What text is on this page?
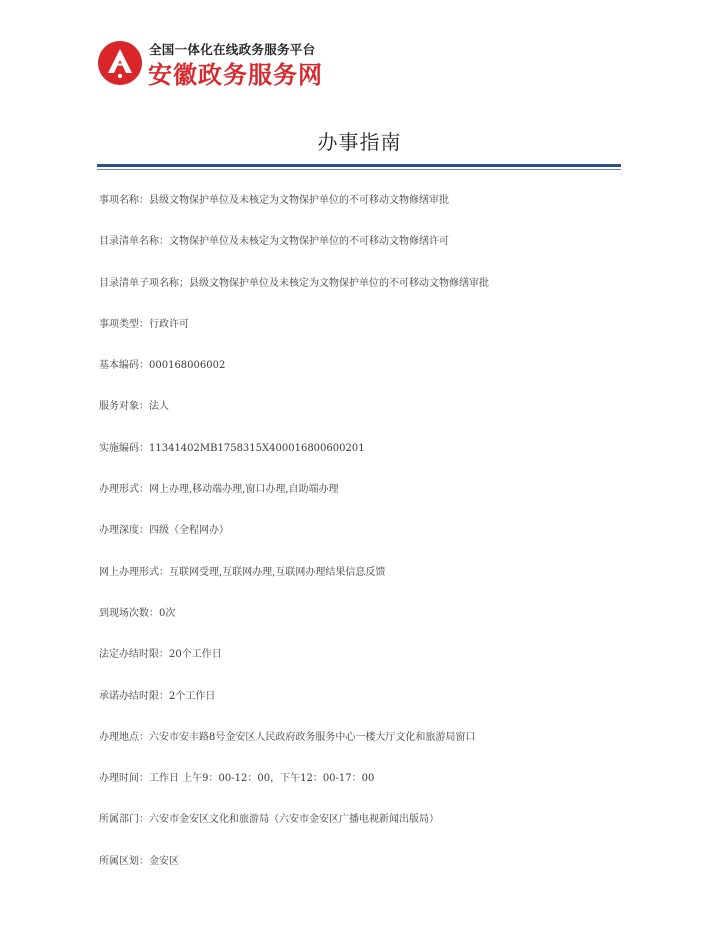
全国一体化在线政务服务平台
安徽政务服务网
办事指南
事项名称：县级文物保护单位及未核定为文物保护单位的不可移动文物修缮审批
目录清单名称：文物保护单位及未核定为文物保护单位的不可移动文物修缮许可
目录清单子项名称；县级文物保护单位及未核定为文物保护单位的不可移动文物修缮审批
事项类型：行政许可
基本编码：000168006002
服务对象：法人
实施编码：11341402MB1758315X400016800600201
办理形式：网上办理,移动端办理,窗口办理,自助端办理
办理深度：四级（全程网办）
网上办理形式：互联网受理,互联网办理,互联网办理结果信息反馈
到现场次数：0次
法定办结时限：20个工作日
承诺办结时限：2个工作日
办理地点：六安市安丰路8号金安区人民政府政务服务中心一楼大厅文化和旅游局窗口
办理时间：工作日 上午9：00-12：00，下午12：00-17：00
所属部门：六安市金安区文化和旅游局（六安市金安区广播电视新闻出版局）
所属区划：金安区
